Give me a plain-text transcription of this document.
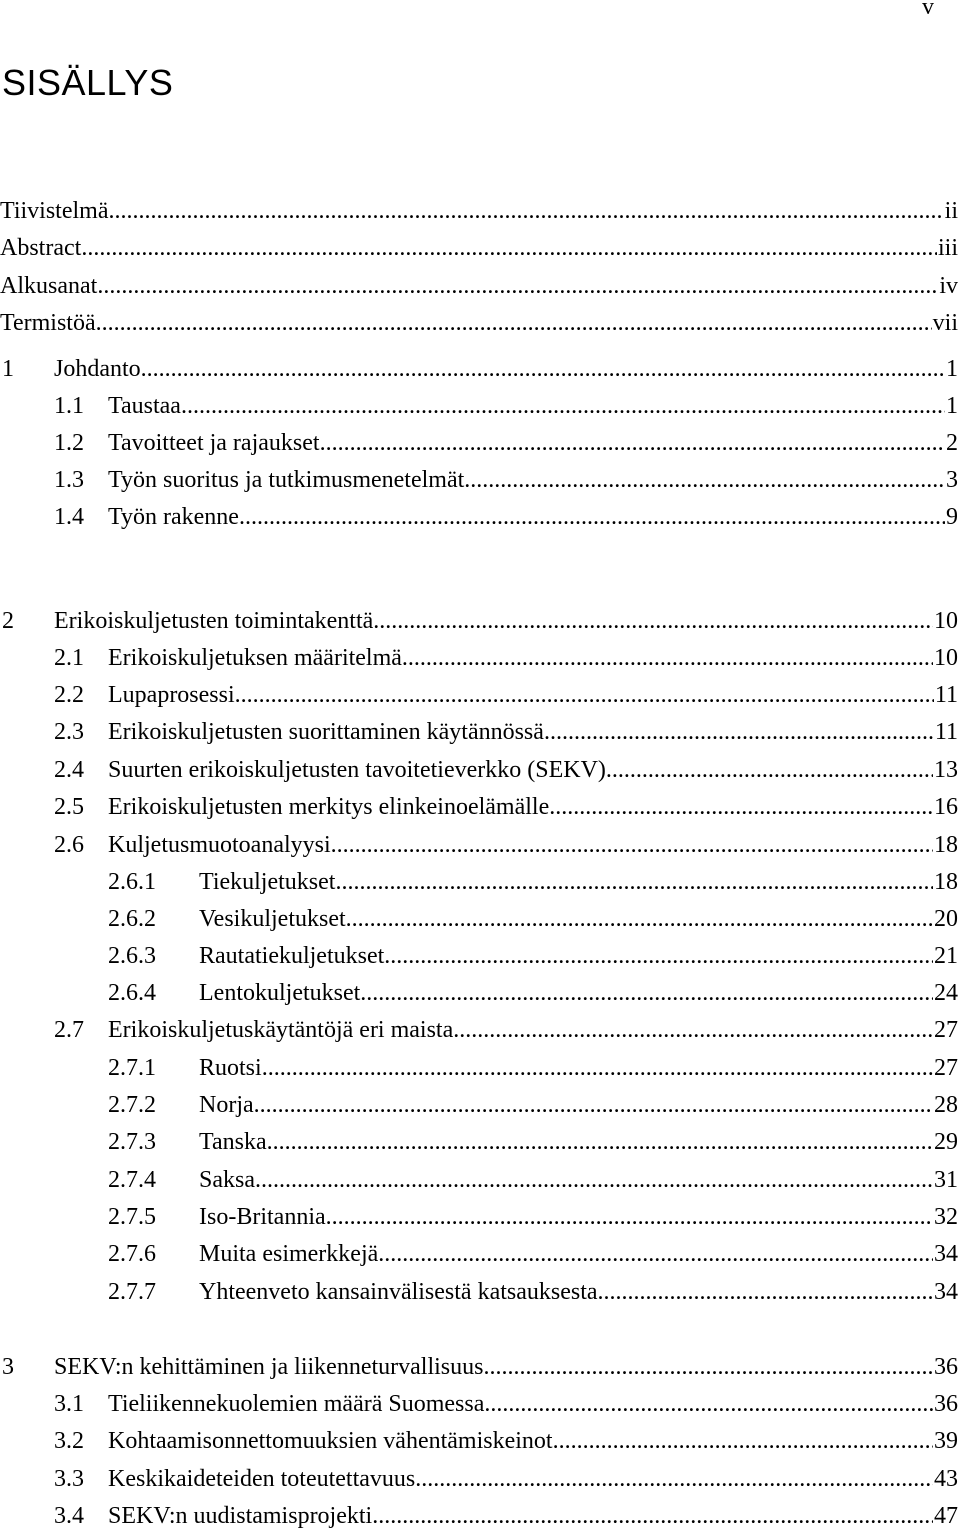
v
SISÄLLYS
Tiivistelmä .....	ii
Abstract .....	iii
Alkusanat .....	iv
Termistöä .....	vii
1 Johdanto .....	1
1.1 Taustaa .....	1
1.2 Tavoitteet ja rajaukset .....	2
1.3 Työn suoritus ja tutkimusmenetelmät .....	3
1.4 Työn rakenne .....	9
2 Erikoiskuljetusten toimintakenttä .....	10
2.1 Erikoiskuljetuksen määritelmä .....	10
2.2 Lupaprosessi .....	11
2.3 Erikoiskuljetusten suorittaminen käytännössä .....	11
2.4 Suurten erikoiskuljetusten tavoitetieverkko (SEKV) .....	13
2.5 Erikoiskuljetusten merkitys elinkeinoelämälle .....	16
2.6 Kuljetusmuotoanalyysi .....	18
2.6.1 Tiekuljetukset .....	18
2.6.2 Vesikuljetukset .....	20
2.6.3 Rautatiekuljetukset .....	21
2.6.4 Lentokuljetukset .....	24
2.7 Erikoiskuljetuskäytäntöjä eri maista .....	27
2.7.1 Ruotsi .....	27
2.7.2 Norja .....	28
2.7.3 Tanska .....	29
2.7.4 Saksa .....	31
2.7.5 Iso-Britannia .....	32
2.7.6 Muita esimerkkejä .....	34
2.7.7 Yhteenveto kansainvälisestä katsauksesta .....	34
3 SEKV:n kehittäminen ja liikenneturvallisuus .....	36
3.1 Tieliikennekuolemien määrä Suomessa .....	36
3.2 Kohtaamisonnettomuuksien vähentämiskeinot .....	39
3.3 Keskikaideteiden toteutettavuus .....	43
3.4 SEKV:n uudistamisprojekti .....	47
